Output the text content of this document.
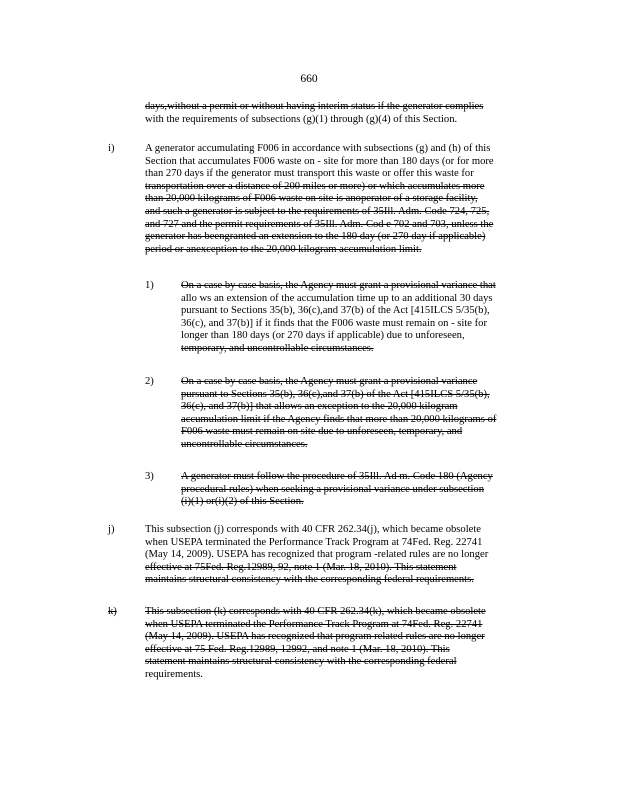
660
days,without a permit or without having interim status if the generator complies
with the requirements of subsections (g)(1) through (g)(4) of this Section.
i)	A generator accumulating F006 in accordance with subsections (g) and (h) of this
Section that accumulates F006 waste on - site for more than 180 days (or for more
than 270 days if the generator must transport this waste or offer this waste for
transportation over a distance of 200 miles or more) or which accumulates more
than 20,000 kilograms of F006 waste on site is anoperator of a storage facility,
and such a generator is subject to the requirements of 35Ill. Adm. Code 724, 725,
and 727 and the permit requirements of 35Ill. Adm. Cod e 702 and 703, unless the
generator has beengranted an extension to the 180 day (or 270 day if applicable)
period or anexception to the 20,000 kilogram accumulation limit.
1)	On a case by case basis, the Agency must grant a provisional variance that
allo ws an extension of the accumulation time up to an additional 30 days
pursuant to Sections 35(b), 36(c),and 37(b) of the Act [415ILCS 5/35(b),
36(c), and 37(b)] if it finds that the F006 waste must remain on - site for
longer than 180 days (or 270 days if applicable) due to unforeseen,
temporary, and uncontrollable circumstances.
2)	On a case by case basis, the Agency must grant a provisional variance
pursuant to Sections 35(b), 36(c),and 37(b) of the Act [415ILCS 5/35(b),
36(c), and 37(b)] that allows an exception to the 20,000 kilogram
accumulation limit if the Agency finds that more than 20,000 kilograms of
F006 waste must remain on site due to unforeseen, temporary, and
uncontrollable circumstances.
3)	A generator must follow the procedure of 35Ill. Ad m. Code 180 (Agency
procedural rules) when seeking a provisional variance under subsection
(i)(1) or(i)(2) of this Section.
j)	This subsection (j) corresponds with 40 CFR 262.34(j), which became obsolete
when USEPA terminated the Performance Track Program at 74Fed. Reg. 22741
(May 14, 2009). USEPA has recognized that program -related rules are no longer
effective at 75Fed. Reg.12989, 92, note 1 (Mar. 18, 2010). This statement
maintains structural consistency with the corresponding federal requirements.
k)	This subsection (k) corresponds with 40 CFR 262.34(k), which became obsolete
when USEPA terminated the Performance Track Program at 74Fed. Reg. 22741
(May 14, 2009). USEPA has recognized that program related rules are no longer
effective at 75 Fed. Reg.12989, 12992, and note 1 (Mar. 18, 2010). This
statement maintains structural consistency with the corresponding federal
requirements.
